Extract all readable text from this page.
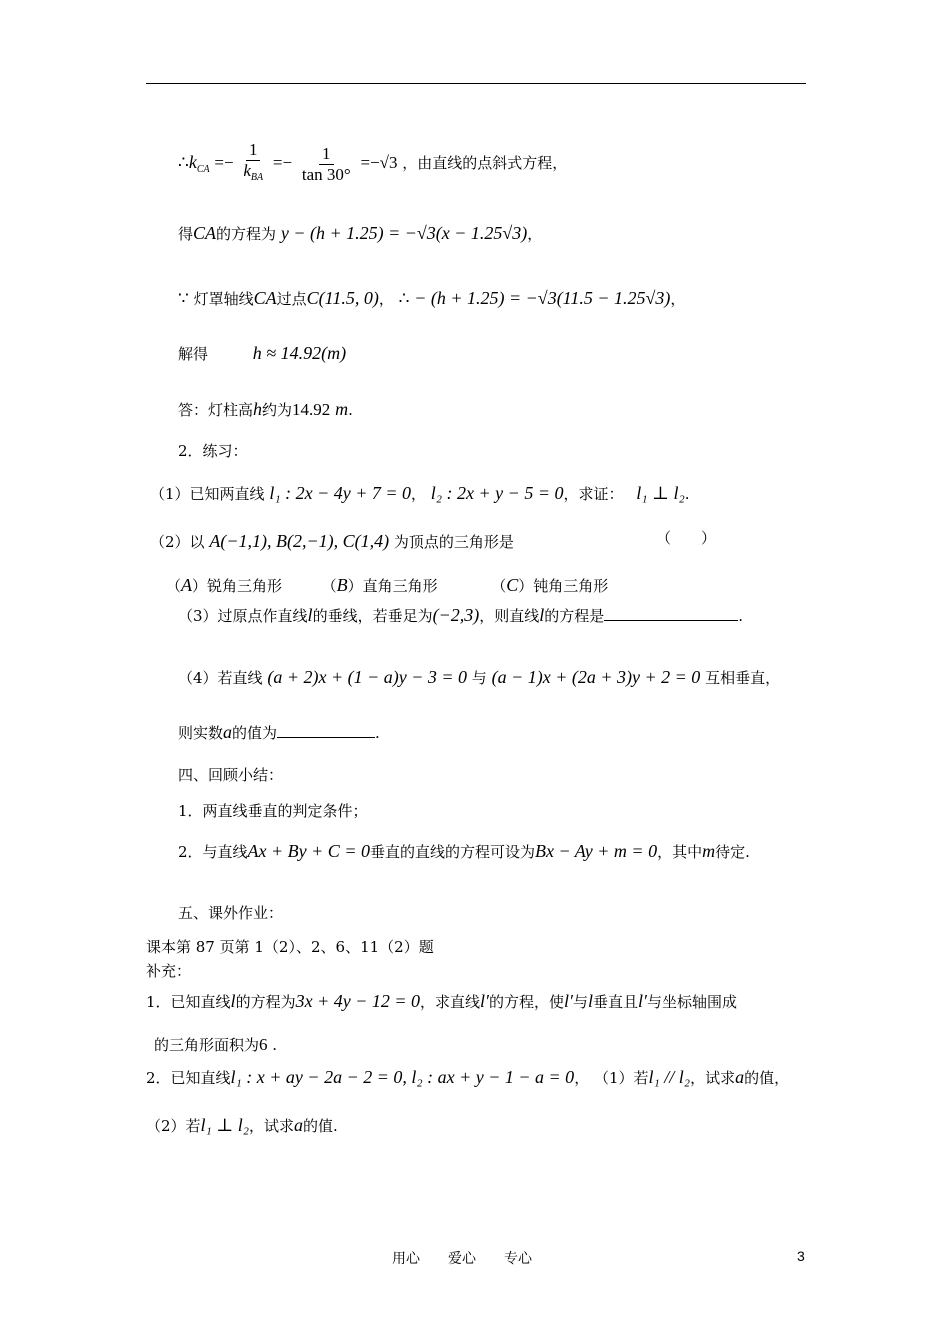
$\therefore k_{CA} =- \frac{1}{k_{BA}} =- \frac{1}{\tan 30^\circ} =-√3$ ，由直线的点斜式方程，
得CA的方程为 y − (h + 1.25) = −√3(x − 1.25√3)，
∵ 灯罩轴线CA过点C(11.5, 0)， ∴ − (h + 1.25) = −√3(11.5 − 1.25√3)，
解得 h ≈ 14.92(m)
答：灯柱高h约为14.92 m.
2．练习：
（1）已知两直线 l₁ : 2x − 4y + 7 = 0， l₂ : 2x + y − 5 = 0，求证： l₁ ⊥ l₂.
（2）以 A(−1,1), B(2,−1), C(1,4) 为顶点的三角形是	（　　）
（A）锐角三角形	（B）直角三角形	（C）钝角三角形
（3）过原点作直线l的垂线，若垂足为(−2,3)，则直线l的方程是	.
（4）若直线 (a + 2)x + (1 − a)y − 3 = 0 与 (a − 1)x + (2a + 3)y + 2 = 0 互相垂直，
则实数a的值为	.
四、回顾小结：
1．两直线垂直的判定条件；
2．与直线Ax + By + C = 0垂直的直线的方程可设为Bx − Ay + m = 0，其中m待定.
五、课外作业：
课本第 87 页第 1（2）、2、6、11（2）题
补充：
1．已知直线l的方程为3x + 4y − 12 = 0，求直线l′的方程，使l′与l垂直且l′与坐标轴围成
的三角形面积为6 .
2．已知直线l₁ : x + ay − 2a − 2 = 0, l₂ : ax + y − 1 − a = 0， （1）若l₁ // l₂，试求a的值，
（2）若l₁ ⊥ l₂，试求a的值.
用心　　爱心　　专心	3
